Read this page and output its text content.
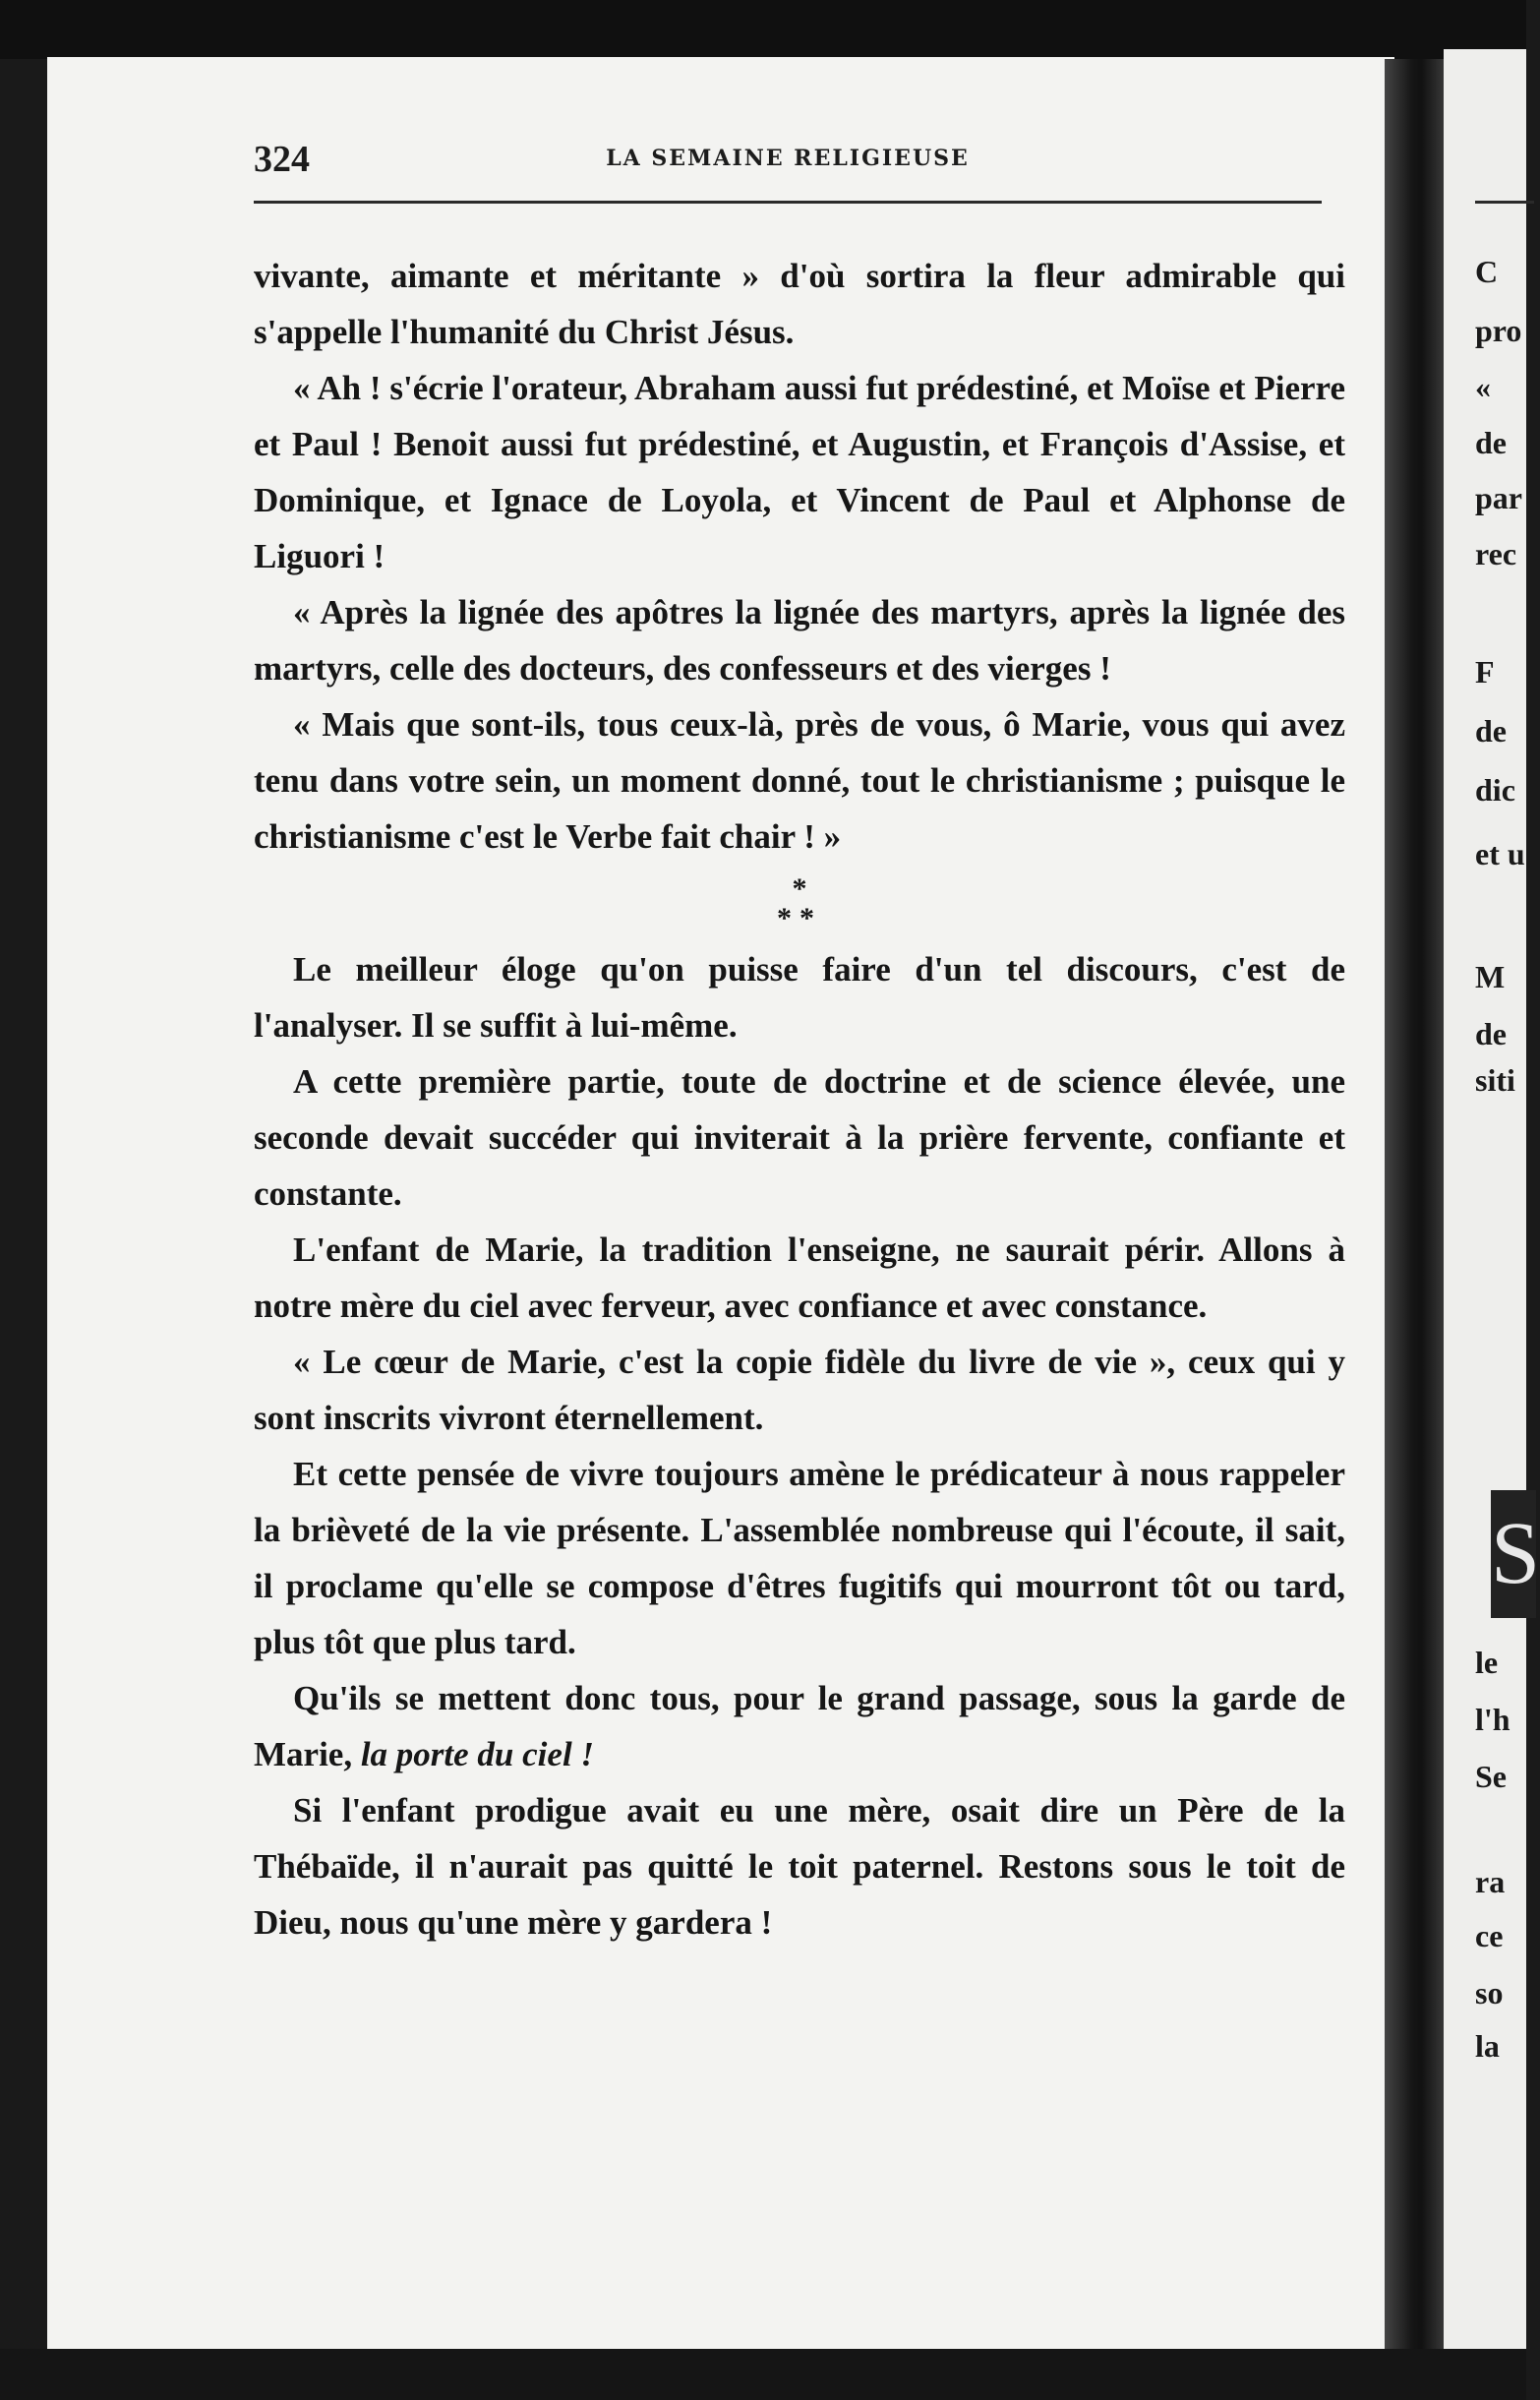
324	LA SEMAINE RELIGIEUSE

vivante, aimante et méritante » d'où sortira la fleur admirable qui s'appelle l'humanité du Christ Jésus.

« Ah ! s'écrie l'orateur, Abraham aussi fut prédestiné, et Moïse et Pierre et Paul ! Benoit aussi fut prédestiné, et Augustin, et François d'Assise, et Dominique, et Ignace de Loyola, et Vincent de Paul et Alphonse de Liguori !

« Après la lignée des apôtres la lignée des martyrs, après la lignée des martyrs, celle des docteurs, des confesseurs et des vierges !

« Mais que sont-ils, tous ceux-là, près de vous, ô Marie, vous qui avez tenu dans votre sein, un moment donné, tout le christianisme ; puisque le christianisme c'est le Verbe fait chair ! »

*
**

Le meilleur éloge qu'on puisse faire d'un tel discours, c'est de l'analyser. Il se suffit à lui-même.

A cette première partie, toute de doctrine et de science élevée, une seconde devait succéder qui inviterait à la prière fervente, confiante et constante.

L'enfant de Marie, la tradition l'enseigne, ne saurait périr. Allons à notre mère du ciel avec ferveur, avec confiance et avec constance.

« Le cœur de Marie, c'est la copie fidèle du livre de vie », ceux qui y sont inscrits vivront éternellement.

Et cette pensée de vivre toujours amène le prédicateur à nous rappeler la brièveté de la vie présente. L'assemblée nombreuse qui l'écoute, il sait, il proclame qu'elle se compose d'êtres fugitifs qui mourront tôt ou tard, plus tôt que plus tard.

Qu'ils se mettent donc tous, pour le grand passage, sous la garde de Marie, la porte du ciel !

Si l'enfant prodigue avait eu une mère, osait dire un Père de la Thébaïde, il n'aurait pas quitté le toit paternel. Restons sous le toit de Dieu, nous qu'une mère y gardera !

C
pro
«
de
par
rec
F
de
dic
et u
M
de
siti
S
le
l'h
Se
ra
ce
so
la
